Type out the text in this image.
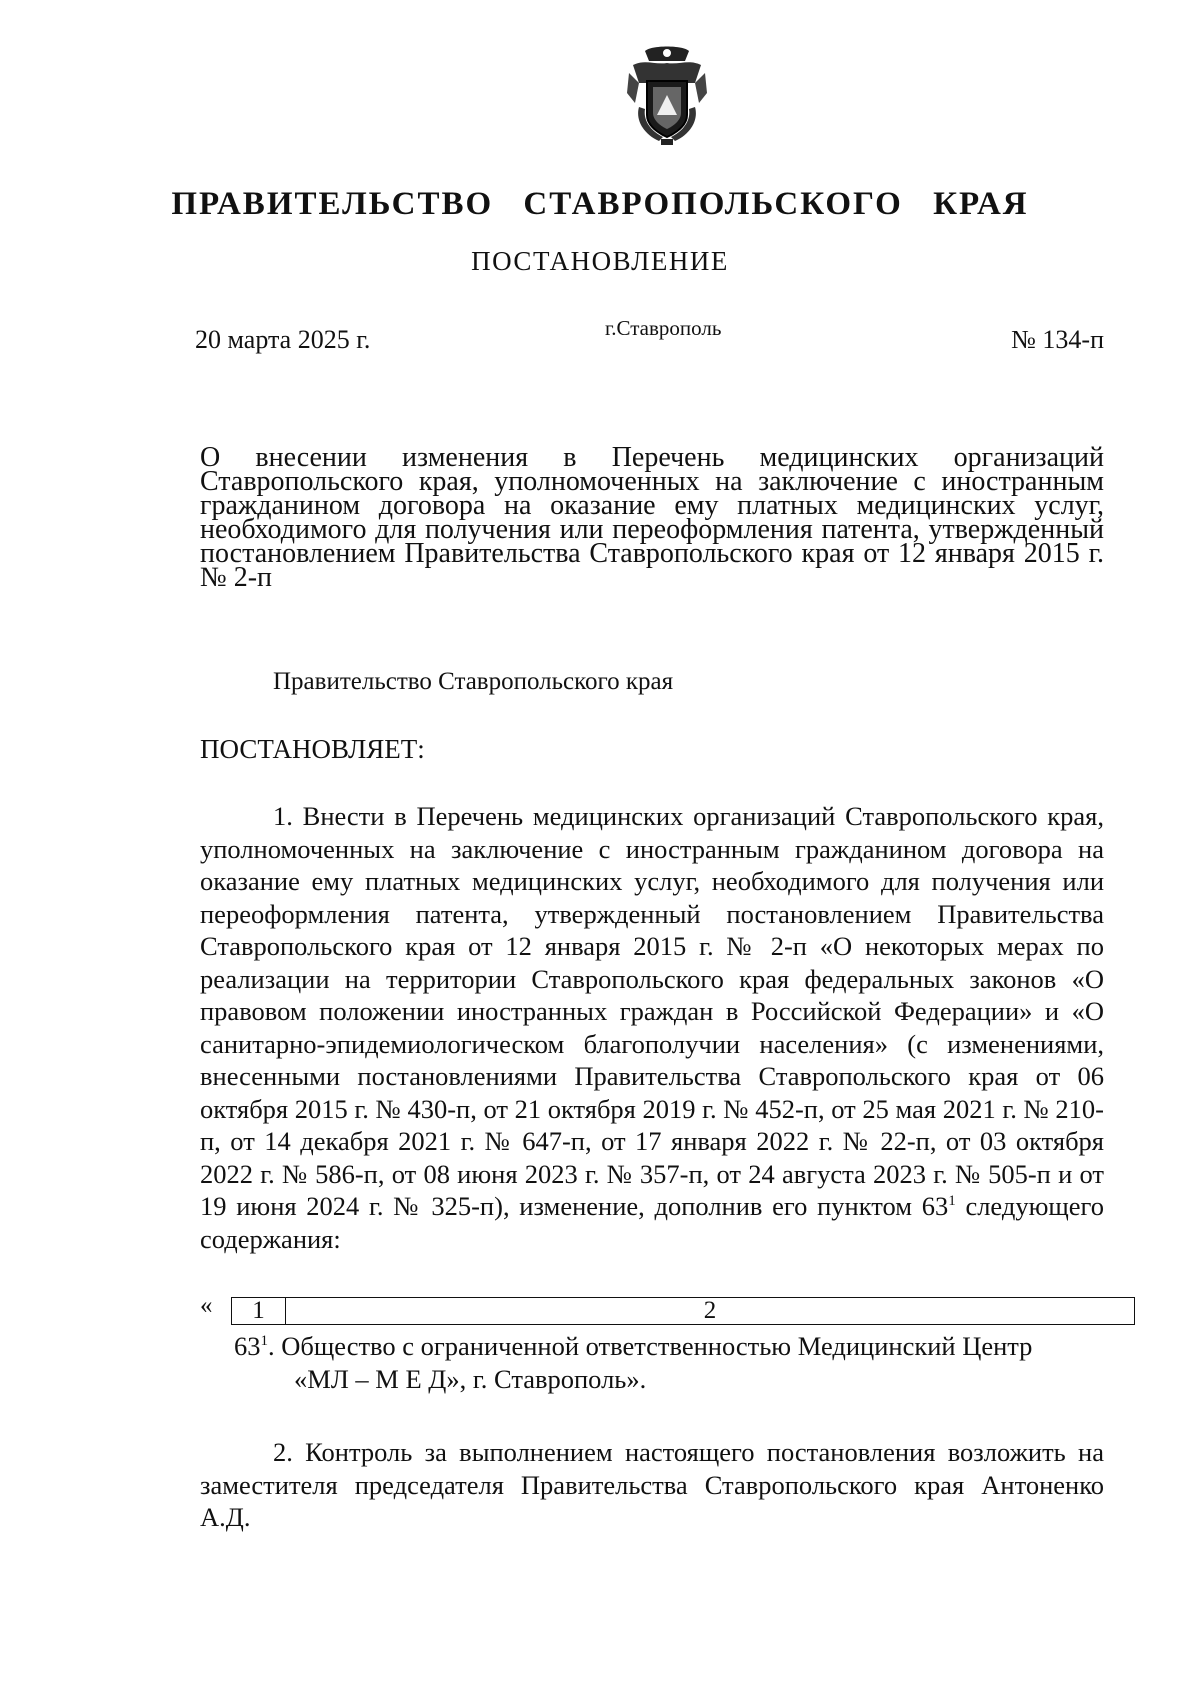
ПРАВИТЕЛЬСТВО СТАВРОПОЛЬСКОГО КРАЯ
ПОСТАНОВЛЕНИЕ
20 марта 2025 г.	г.Ставрополь	№ 134-п
О внесении изменения в Перечень медицинских организаций Ставропольского края, уполномоченных на заключение с иностранным гражданином договора на оказание ему платных медицинских услуг, необходимого для получения или переоформления патента, утвержденный постановлением Правительства Ставропольского края от 12 января 2015 г. № 2-п
Правительство Ставропольского края
ПОСТАНОВЛЯЕТ:
1. Внести в Перечень медицинских организаций Ставропольского края, уполномоченных на заключение с иностранным гражданином договора на оказание ему платных медицинских услуг, необходимого для получения или переоформления патента, утвержденный постановлением Правительства Ставропольского края от 12 января 2015 г. № 2-п «О некоторых мерах по реализации на территории Ставропольского края федеральных законов «О правовом положении иностранных граждан в Российской Федерации» и «О санитарно-эпидемиологическом благополучии населения» (с изменениями, внесенными постановлениями Правительства Ставропольского края от 06 октября 2015 г. № 430-п, от 21 октября 2019 г. № 452-п, от 25 мая 2021 г. № 210-п, от 14 декабря 2021 г. № 647-п, от 17 января 2022 г. № 22-п, от 03 октября 2022 г. № 586-п, от 08 июня 2023 г. № 357-п, от 24 августа 2023 г. № 505-п и от 19 июня 2024 г. № 325-п), изменение, дополнив его пунктом $63^1$ следующего содержания:
«	1	2
$63^1$. Общество с ограниченной ответственностью Медицинский Центр
«МЛ – М Е Д», г. Ставрополь».
2. Контроль за выполнением настоящего постановления возложить на заместителя председателя Правительства Ставропольского края Антоненко А.Д.
